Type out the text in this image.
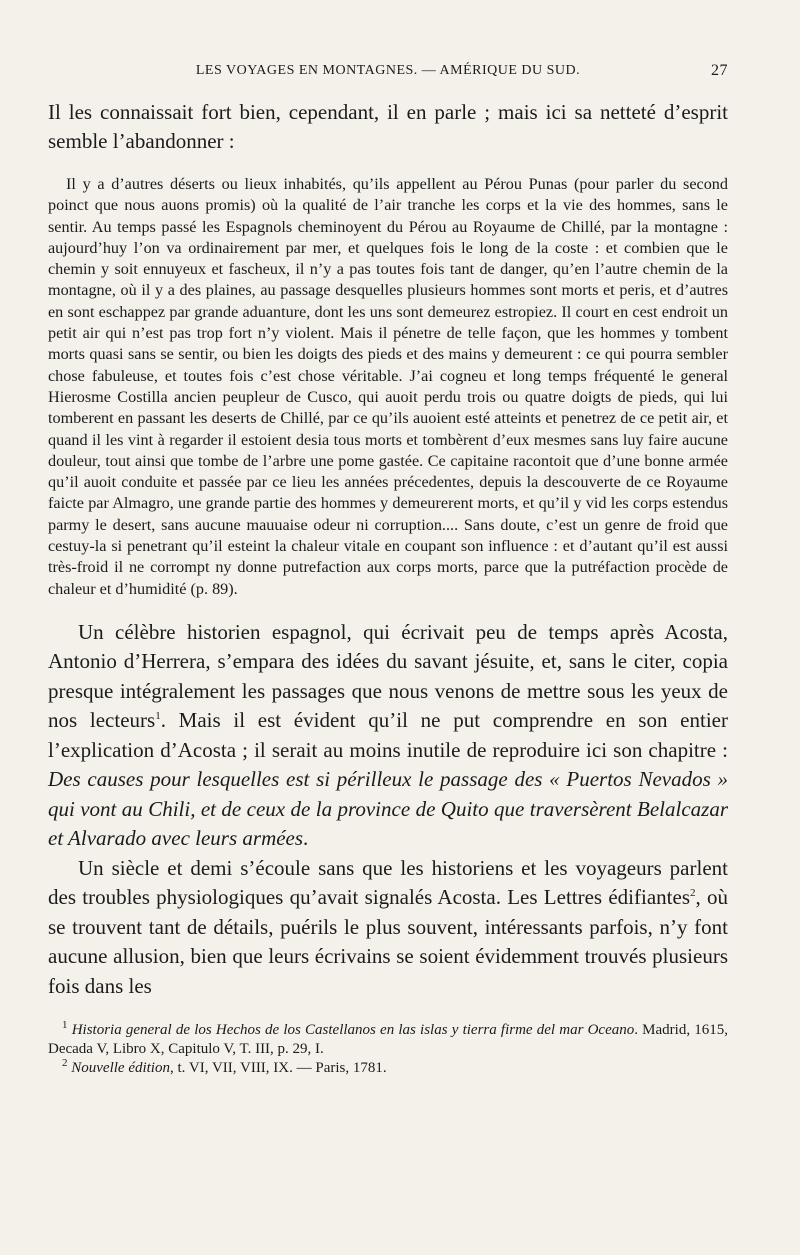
LES VOYAGES EN MONTAGNES. — AMÉRIQUE DU SUD.	27

Il les connaissait fort bien, cependant, il en parle ; mais ici sa netteté d’esprit semble l’abandonner :

Il y a d’autres déserts ou lieux inhabités, qu’ils appellent au Pérou Punas (pour parler du second poinct que nous auons promis) où la qualité de l’air tranche les corps et la vie des hommes, sans le sentir. Au temps passé les Espagnols cheminoyent du Pérou au Royaume de Chillé, par la montagne : aujourd’huy l’on va ordinairement par mer, et quelques fois le long de la coste : et combien que le chemin y soit ennuyeux et fascheux, il n’y a pas toutes fois tant de danger, qu’en l’autre chemin de la montagne, où il y a des plaines, au passage desquelles plusieurs hommes sont morts et peris, et d’autres en sont eschappez par grande aduanture, dont les uns sont demeurez estropiez. Il court en cest endroit un petit air qui n’est pas trop fort n’y violent. Mais il pénetre de telle façon, que les hommes y tombent morts quasi sans se sentir, ou bien les doigts des pieds et des mains y demeurent : ce qui pourra sembler chose fabuleuse, et toutes fois c’est chose véritable. J’ai cogneu et long temps fréquenté le general Hierosme Costilla ancien peupleur de Cusco, qui auoit perdu trois ou quatre doigts de pieds, qui lui tomberent en passant les deserts de Chillé, par ce qu’ils auoient esté atteints et penetrez de ce petit air, et quand il les vint à regarder il estoient desia tous morts et tombèrent d’eux mesmes sans luy faire aucune douleur, tout ainsi que tombe de l’arbre une pome gastée. Ce capitaine racontoit que d’une bonne armée qu’il auoit conduite et passée par ce lieu les années précedentes, depuis la descouverte de ce Royaume faicte par Almagro, une grande partie des hommes y demeurerent morts, et qu’il y vid les corps estendus parmy le desert, sans aucune mauuaise odeur ni corruption.... Sans doute, c’est un genre de froid que cestuy-la si penetrant qu’il esteint la chaleur vitale en coupant son influence : et d’autant qu’il est aussi très-froid il ne corrompt ny donne putrefaction aux corps morts, parce que la putréfaction procède de chaleur et d’humidité (p. 89).

Un célèbre historien espagnol, qui écrivait peu de temps après Acosta, Antonio d’Herrera, s’empara des idées du savant jésuite, et, sans le citer, copia presque intégralement les passages que nous venons de mettre sous les yeux de nos lecteurs$^1$. Mais il est évident qu’il ne put comprendre en son entier l’explication d’Acosta ; il serait au moins inutile de reproduire ici son chapitre : Des causes pour lesquelles est si périlleux le passage des « Puertos Nevados » qui vont au Chili, et de ceux de la province de Quito que traversèrent Belalcazar et Alvarado avec leurs armées.

Un siècle et demi s’écoule sans que les historiens et les voyageurs parlent des troubles physiologiques qu’avait signalés Acosta. Les Lettres édifiantes$^2$, où se trouvent tant de détails, puérils le plus souvent, intéressants parfois, n’y font aucune allusion, bien que leurs écrivains se soient évidemment trouvés plusieurs fois dans les

$^1$ Historia general de los Hechos de los Castellanos en las islas y tierra firme del mar Oceano. Madrid, 1615, Decada V, Libro X, Capitulo V, T. III, p. 29, I.

$^2$ Nouvelle édition, t. VI, VII, VIII, IX. — Paris, 1781.
